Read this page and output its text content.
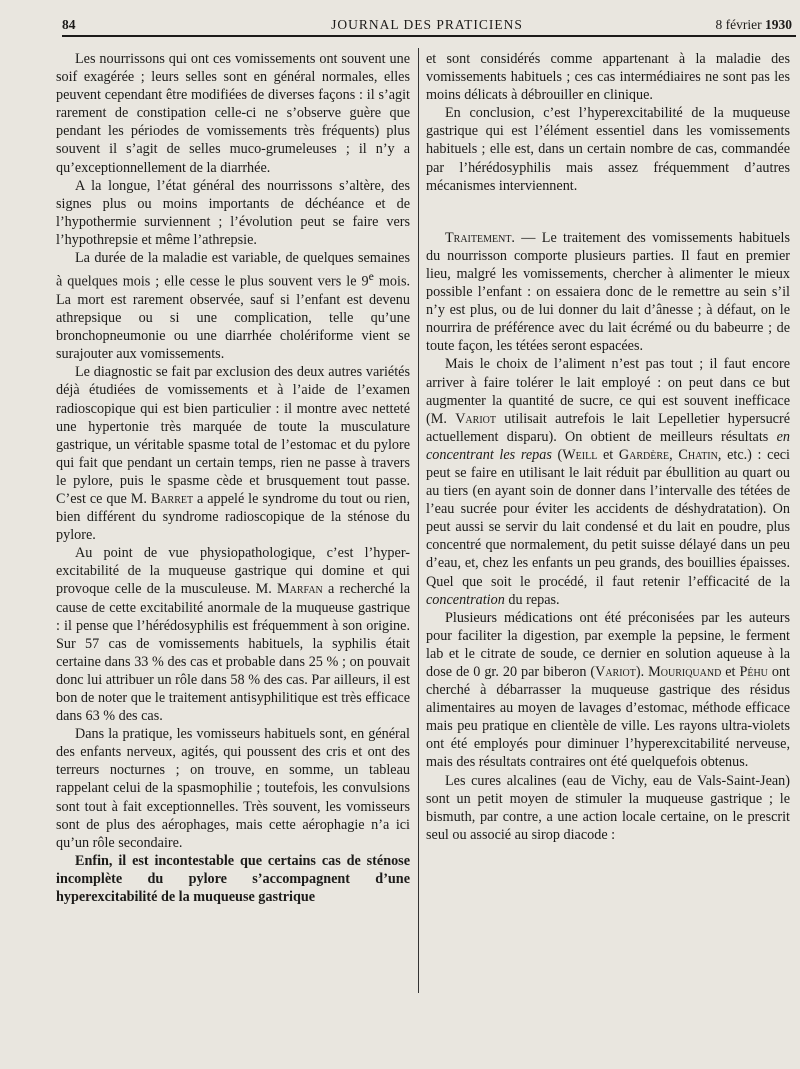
84	JOURNAL DES PRATICIENS	8 février 1930

Les nourrissons qui ont ces vomissements ont souvent une soif exagérée ; leurs selles sont en général normales, elles peuvent cependant être modifiées de diverses façons : il s’agit rarement de constipation celle-ci ne s’observe guère que pendant les périodes de vomissements très fréquents) plus souvent il s’agit de selles muco-grumeleuses ; il n’y a qu’exceptionnellement de la diarrhée.

A la longue, l’état général des nourrissons s’altère, des signes plus ou moins importants de déchéance et de l’hypothermie surviennent ; l’évolution peut se faire vers l’hypothrepsie et même l’athrepsie.

La durée de la maladie est variable, de quelques semaines à quelques mois ; elle cesse le plus souvent vers le 9e mois. La mort est rarement observée, sauf si l’enfant est devenu athrepsique ou si une complication, telle qu’une bronchopneumonie ou une diarrhée cholériforme vient se surajouter aux vomissements.

Le diagnostic se fait par exclusion des deux autres variétés déjà étudiées de vomissements et à l’aide de l’examen radioscopique qui est bien particulier : il montre avec netteté une hypertonie très marquée de toute la musculature gastrique, un véritable spasme total de l’estomac et du pylore qui fait que pendant un certain temps, rien ne passe à travers le pylore, puis le spasme cède et brusquement tout passe. C’est ce que M. Barret a appelé le syndrome du tout ou rien, bien différent du syndrome radioscopique de la sténose du pylore.

Au point de vue physiopathologique, c’est l’hyper-excitabilité de la muqueuse gastrique qui domine et qui provoque celle de la musculeuse. M. Marfan a recherché la cause de cette excitabilité anormale de la muqueuse gastrique : il pense que l’hérédosyphilis est fréquemment à son origine. Sur 57 cas de vomissements habituels, la syphilis était certaine dans 33 % des cas et probable dans 25 % ; on pouvait donc lui attribuer un rôle dans 58 % des cas. Par ailleurs, il est bon de noter que le traitement antisyphilitique est très efficace dans 63 % des cas.

Dans la pratique, les vomisseurs habituels sont, en général des enfants nerveux, agités, qui poussent des cris et ont des terreurs nocturnes ; on trouve, en somme, un tableau rappelant celui de la spasmophilie ; toutefois, les convulsions sont tout à fait exceptionnelles. Très souvent, les vomisseurs sont de plus des aérophages, mais cette aérophagie n’a ici qu’un rôle secondaire.

Enfin, il est incontestable que certains cas de sténose incomplète du pylore s’accompagnent d’une hyperexcitabilité de la muqueuse gastrique

et sont considérés comme appartenant à la maladie des vomissements habituels ; ces cas intermédiaires ne sont pas les moins délicats à débrouiller en clinique.

En conclusion, c’est l’hyperexcitabilité de la muqueuse gastrique qui est l’élément essentiel dans les vomissements habituels ; elle est, dans un certain nombre de cas, commandée par l’hérédosyphilis mais assez fréquemment d’autres mécanismes interviennent.

Traitement. — Le traitement des vomissements habituels du nourrisson comporte plusieurs parties. Il faut en premier lieu, malgré les vomissements, chercher à alimenter le mieux possible l’enfant : on essaiera donc de le remettre au sein s’il n’y est plus, ou de lui donner du lait d’ânesse ; à défaut, on le nourrira de préférence avec du lait écrémé ou du babeurre ; de toute façon, les tétées seront espacées.

Mais le choix de l’aliment n’est pas tout ; il faut encore arriver à faire tolérer le lait employé : on peut dans ce but augmenter la quantité de sucre, ce qui est souvent inefficace (M. Variot utilisait autrefois le lait Lepelletier hypersucré actuellement disparu). On obtient de meilleurs résultats en concentrant les repas (Weill et Gardère, Chatin, etc.) : ceci peut se faire en utilisant le lait réduit par ébullition au quart ou au tiers (en ayant soin de donner dans l’intervalle des tétées de l’eau sucrée pour éviter les accidents de déshydratation). On peut aussi se servir du lait condensé et du lait en poudre, plus concentré que normalement, du petit suisse délayé dans un peu d’eau, et, chez les enfants un peu grands, des bouillies épaisses. Quel que soit le procédé, il faut retenir l’efficacité de la concentration du repas.

Plusieurs médications ont été préconisées par les auteurs pour faciliter la digestion, par exemple la pepsine, le ferment lab et le citrate de soude, ce dernier en solution aqueuse à la dose de 0 gr. 20 par biberon (Variot). Mouriquand et Péhu ont cherché à débarrasser la muqueuse gastrique des résidus alimentaires au moyen de lavages d’estomac, méthode efficace mais peu pratique en clientèle de ville. Les rayons ultra-violets ont été employés pour diminuer l’hyperexcitabilité nerveuse, mais des résultats contraires ont été quelquefois obtenus.

Les cures alcalines (eau de Vichy, eau de Vals-Saint-Jean) sont un petit moyen de stimuler la muqueuse gastrique ; le bismuth, par contre, a une action locale certaine, on le prescrit seul ou associé au sirop diacode :
